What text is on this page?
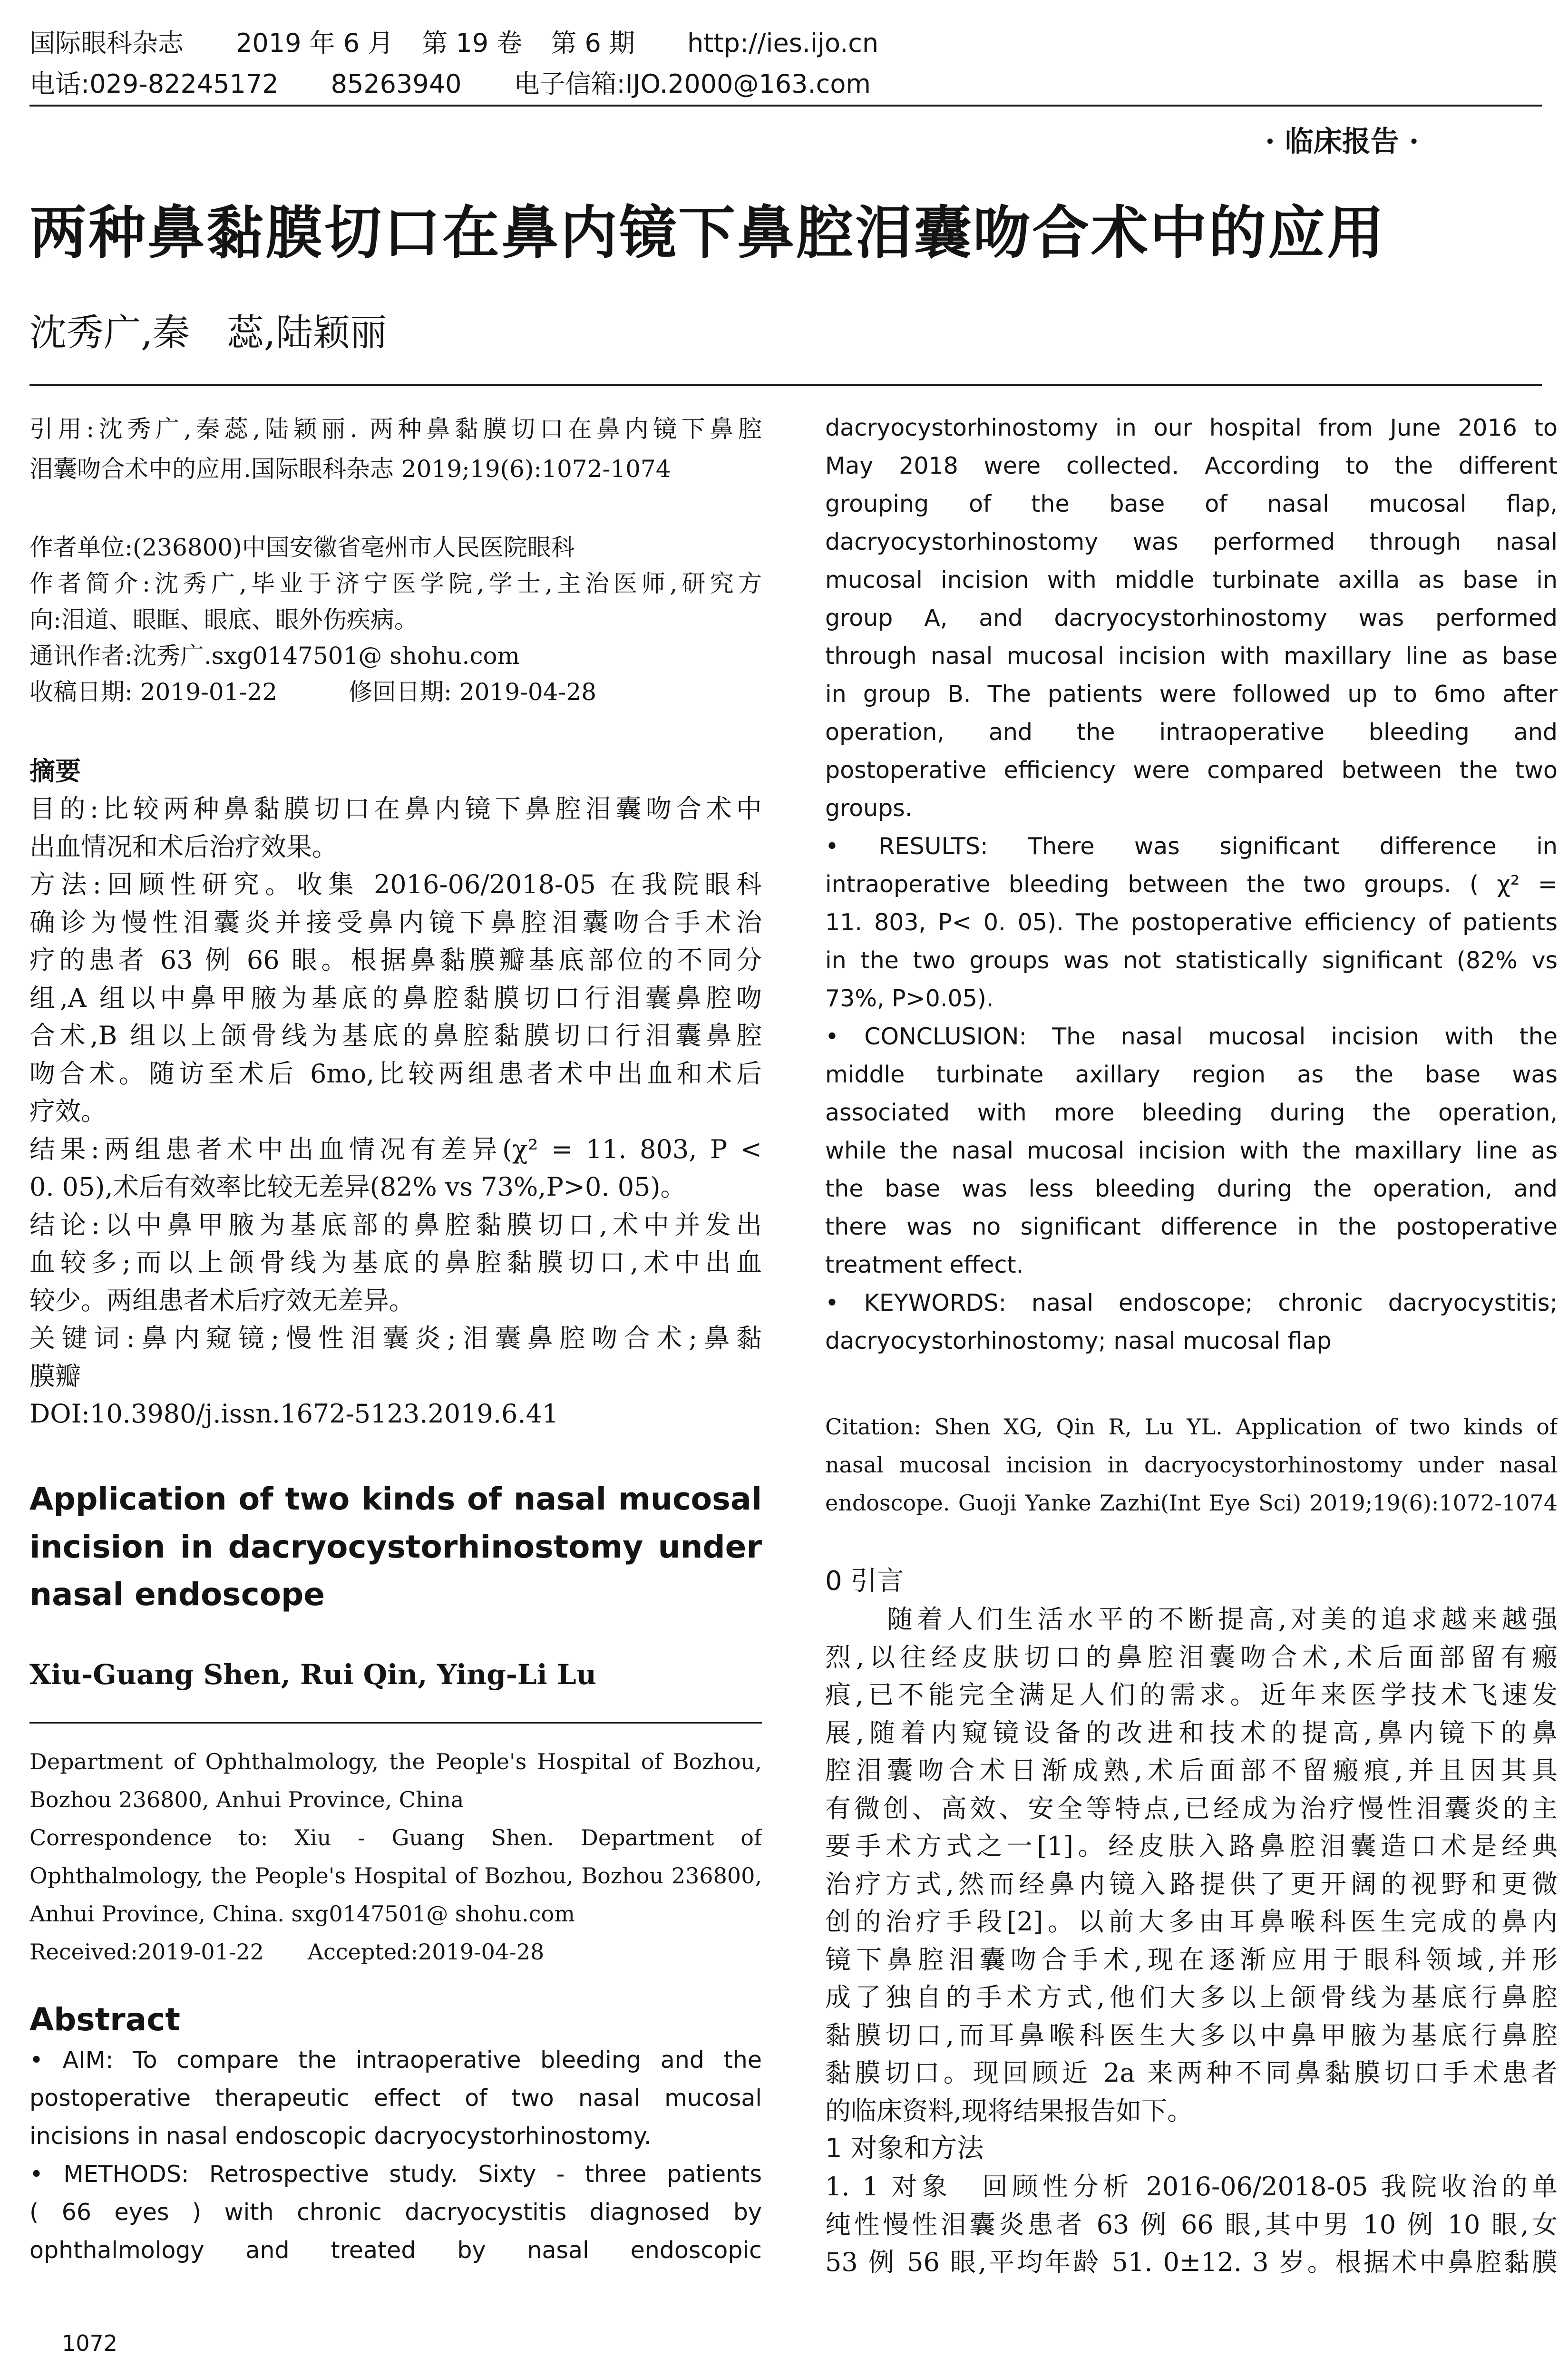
国际眼科杂志 2019 年 6 月 第 19 卷 第 6 期 http://ies.ijo.cn
电话:029-82245172 85263940 电子信箱:IJO.2000@163.com
· 临床报告 ·
两种鼻黏膜切口在鼻内镜下鼻腔泪囊吻合术中的应用
沈秀广,秦　蕊,陆颖丽
引用:沈秀广,秦蕊,陆颖丽. 两种鼻黏膜切口在鼻内镜下鼻腔
泪囊吻合术中的应用.国际眼科杂志 2019;19(6):1072-1074
作者单位:(236800)中国安徽省亳州市人民医院眼科
作者简介:沈秀广,毕业于济宁医学院,学士,主治医师,研究方
向:泪道、眼眶、眼底、眼外伤疾病。
通讯作者:沈秀广.sxg0147501@ shohu.com
收稿日期: 2019-01-22　　　修回日期: 2019-04-28
摘要
目的:比较两种鼻黏膜切口在鼻内镜下鼻腔泪囊吻合术中
出血情况和术后治疗效果。
方法:回顾性研究。收集 2016-06/2018-05 在我院眼科
确诊为慢性泪囊炎并接受鼻内镜下鼻腔泪囊吻合手术治
疗的患者 63 例 66 眼。根据鼻黏膜瓣基底部位的不同分
组,A 组以中鼻甲腋为基底的鼻腔黏膜切口行泪囊鼻腔吻
合术,B 组以上颌骨线为基底的鼻腔黏膜切口行泪囊鼻腔
吻合术。随访至术后 6mo,比较两组患者术中出血和术后
疗效。
结果:两组患者术中出血情况有差异(χ² = 11. 803, P <
0. 05),术后有效率比较无差异(82% vs 73%,P>0. 05)。
结论:以中鼻甲腋为基底部的鼻腔黏膜切口,术中并发出
血较多;而以上颌骨线为基底的鼻腔黏膜切口,术中出血
较少。两组患者术后疗效无差异。
关键词:鼻内窥镜;慢性泪囊炎;泪囊鼻腔吻合术;鼻黏
膜瓣
DOI:10.3980/j.issn.1672-5123.2019.6.41
Application of two kinds of nasal mucosal
incision in dacryocystorhinostomy under
nasal endoscope
Xiu-Guang Shen, Rui Qin, Ying-Li Lu
Department of Ophthalmology, the People's Hospital of Bozhou,
Bozhou 236800, Anhui Province, China
Correspondence to: Xiu - Guang Shen. Department of
Ophthalmology, the People's Hospital of Bozhou, Bozhou 236800,
Anhui Province, China. sxg0147501@ shohu.com
Received:2019-01-22　　Accepted:2019-04-28
Abstract
• AIM: To compare the intraoperative bleeding and the
postoperative therapeutic effect of two nasal mucosal
incisions in nasal endoscopic dacryocystorhinostomy.
• METHODS: Retrospective study. Sixty - three patients
( 66 eyes ) with chronic dacryocystitis diagnosed by
ophthalmology and treated by nasal endoscopic
dacryocystorhinostomy in our hospital from June 2016 to
May 2018 were collected. According to the different
grouping of the base of nasal mucosal flap,
dacryocystorhinostomy was performed through nasal
mucosal incision with middle turbinate axilla as base in
group A, and dacryocystorhinostomy was performed
through nasal mucosal incision with maxillary line as base
in group B. The patients were followed up to 6mo after
operation, and the intraoperative bleeding and
postoperative efficiency were compared between the two
groups.
• RESULTS: There was significant difference in
intraoperative bleeding between the two groups. ( χ² =
11. 803, P< 0. 05). The postoperative efficiency of patients
in the two groups was not statistically significant (82% vs
73%, P>0.05).
• CONCLUSION: The nasal mucosal incision with the
middle turbinate axillary region as the base was
associated with more bleeding during the operation,
while the nasal mucosal incision with the maxillary line as
the base was less bleeding during the operation, and
there was no significant difference in the postoperative
treatment effect.
• KEYWORDS: nasal endoscope; chronic dacryocystitis;
dacryocystorhinostomy; nasal mucosal flap
Citation: Shen XG, Qin R, Lu YL. Application of two kinds of
nasal mucosal incision in dacryocystorhinostomy under nasal
endoscope. Guoji Yanke Zazhi(Int Eye Sci) 2019;19(6):1072-1074
0 引言
随着人们生活水平的不断提高,对美的追求越来越强
烈,以往经皮肤切口的鼻腔泪囊吻合术,术后面部留有瘢
痕,已不能完全满足人们的需求。近年来医学技术飞速发
展,随着内窥镜设备的改进和技术的提高,鼻内镜下的鼻
腔泪囊吻合术日渐成熟,术后面部不留瘢痕,并且因其具
有微创、高效、安全等特点,已经成为治疗慢性泪囊炎的主
要手术方式之一[1]。经皮肤入路鼻腔泪囊造口术是经典
治疗方式,然而经鼻内镜入路提供了更开阔的视野和更微
创的治疗手段[2]。以前大多由耳鼻喉科医生完成的鼻内
镜下鼻腔泪囊吻合手术,现在逐渐应用于眼科领域,并形
成了独自的手术方式,他们大多以上颌骨线为基底行鼻腔
黏膜切口,而耳鼻喉科医生大多以中鼻甲腋为基底行鼻腔
黏膜切口。现回顾近 2a 来两种不同鼻黏膜切口手术患者
的临床资料,现将结果报告如下。
1 对象和方法
1. 1 对象　回顾性分析 2016-06/2018-05 我院收治的单
纯性慢性泪囊炎患者 63 例 66 眼,其中男 10 例 10 眼,女
53 例 56 眼,平均年龄 51. 0±12. 3 岁。根据术中鼻腔黏膜
1072
